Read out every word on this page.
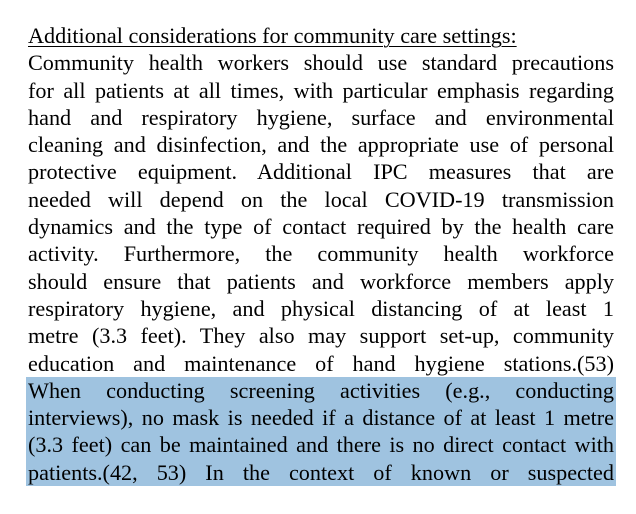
Additional considerations for community care settings:
Community health workers should use standard precautions
for all patients at all times, with particular emphasis regarding
hand and respiratory hygiene, surface and environmental
cleaning and disinfection, and the appropriate use of personal
protective equipment. Additional IPC measures that are
needed will depend on the local COVID-19 transmission
dynamics and the type of contact required by the health care
activity. Furthermore, the community health workforce
should ensure that patients and workforce members apply
respiratory hygiene, and physical distancing of at least 1
metre (3.3 feet). They also may support set-up, community
education and maintenance of hand hygiene stations.(53)
When conducting screening activities (e.g., conducting
interviews), no mask is needed if a distance of at least 1 metre
(3.3 feet) can be maintained and there is no direct contact with
patients.(42, 53) In the context of known or suspected
